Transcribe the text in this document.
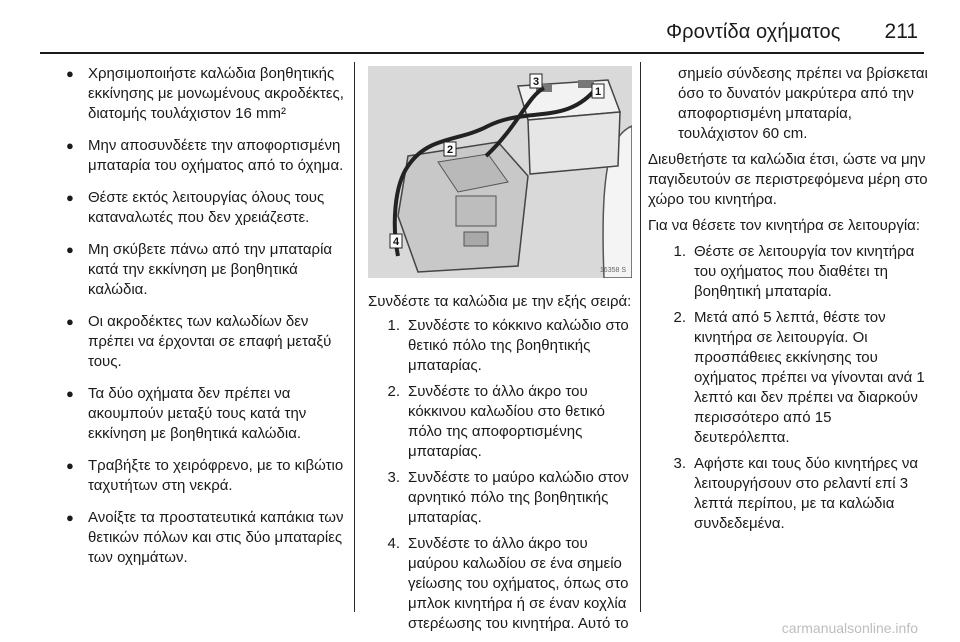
Φροντίδα οχήματος 211
● Χρησιμοποιήστε καλώδια βοηθητικής εκκίνησης με μονωμένους ακροδέκτες, διατομής τουλάχιστον 16 mm²
● Μην αποσυνδέετε την αποφορτισμένη μπαταρία του οχήματος από το όχημα.
● Θέστε εκτός λειτουργίας όλους τους καταναλωτές που δεν χρειάζεστε.
● Μη σκύβετε πάνω από την μπαταρία κατά την εκκίνηση με βοηθητικά καλώδια.
● Οι ακροδέκτες των καλωδίων δεν πρέπει να έρχονται σε επαφή μεταξύ τους.
● Τα δύο οχήματα δεν πρέπει να ακουμπούν μεταξύ τους κατά την εκκίνηση με βοηθητικά καλώδια.
● Τραβήξτε το χειρόφρενο, με το κιβώτιο ταχυτήτων στη νεκρά.
● Ανοίξτε τα προστατευτικά καπάκια των θετικών πόλων και στις δύο μπαταρίες των οχημάτων.
1
2
3
4
16358 S

Συνδέστε τα καλώδια με την εξής σειρά:

1. Συνδέστε το κόκκινο καλώδιο στο θετικό πόλο της βοηθητικής μπαταρίας.
2. Συνδέστε το άλλο άκρο του κόκκινου καλωδίου στο θετικό πόλο της αποφορτισμένης μπαταρίας.
3. Συνδέστε το μαύρο καλώδιο στον αρνητικό πόλο της βοηθητικής μπαταρίας.
4. Συνδέστε το άλλο άκρο του μαύρου καλωδίου σε ένα σημείο γείωσης του οχήματος, όπως στο μπλοκ κινητήρα ή σε έναν κοχλία στερέωσης του κινητήρα. Αυτό το

σημείο σύνδεσης πρέπει να βρίσκεται όσο το δυνατόν μακρύτερα από την αποφορτισμένη μπαταρία, τουλάχιστον 60 cm.

Διευθετήστε τα καλώδια έτσι, ώστε να μην παγιδευτούν σε περιστρεφόμενα μέρη στο χώρο του κινητήρα.

Για να θέσετε τον κινητήρα σε λειτουργία:

1. Θέστε σε λειτουργία τον κινητήρα του οχήματος που διαθέτει τη βοηθητική μπαταρία.
2. Μετά από 5 λεπτά, θέστε τον κινητήρα σε λειτουργία. Οι προσπάθειες εκκίνησης του οχήματος πρέπει να γίνονται ανά 1 λεπτό και δεν πρέπει να διαρκούν περισσότερο από 15 δευτερόλεπτα.
3. Αφήστε και τους δύο κινητήρες να λειτουργήσουν στο ρελαντί επί 3 λεπτά περίπου, με τα καλώδια συνδεδεμένα.
carmanualsonline.info
